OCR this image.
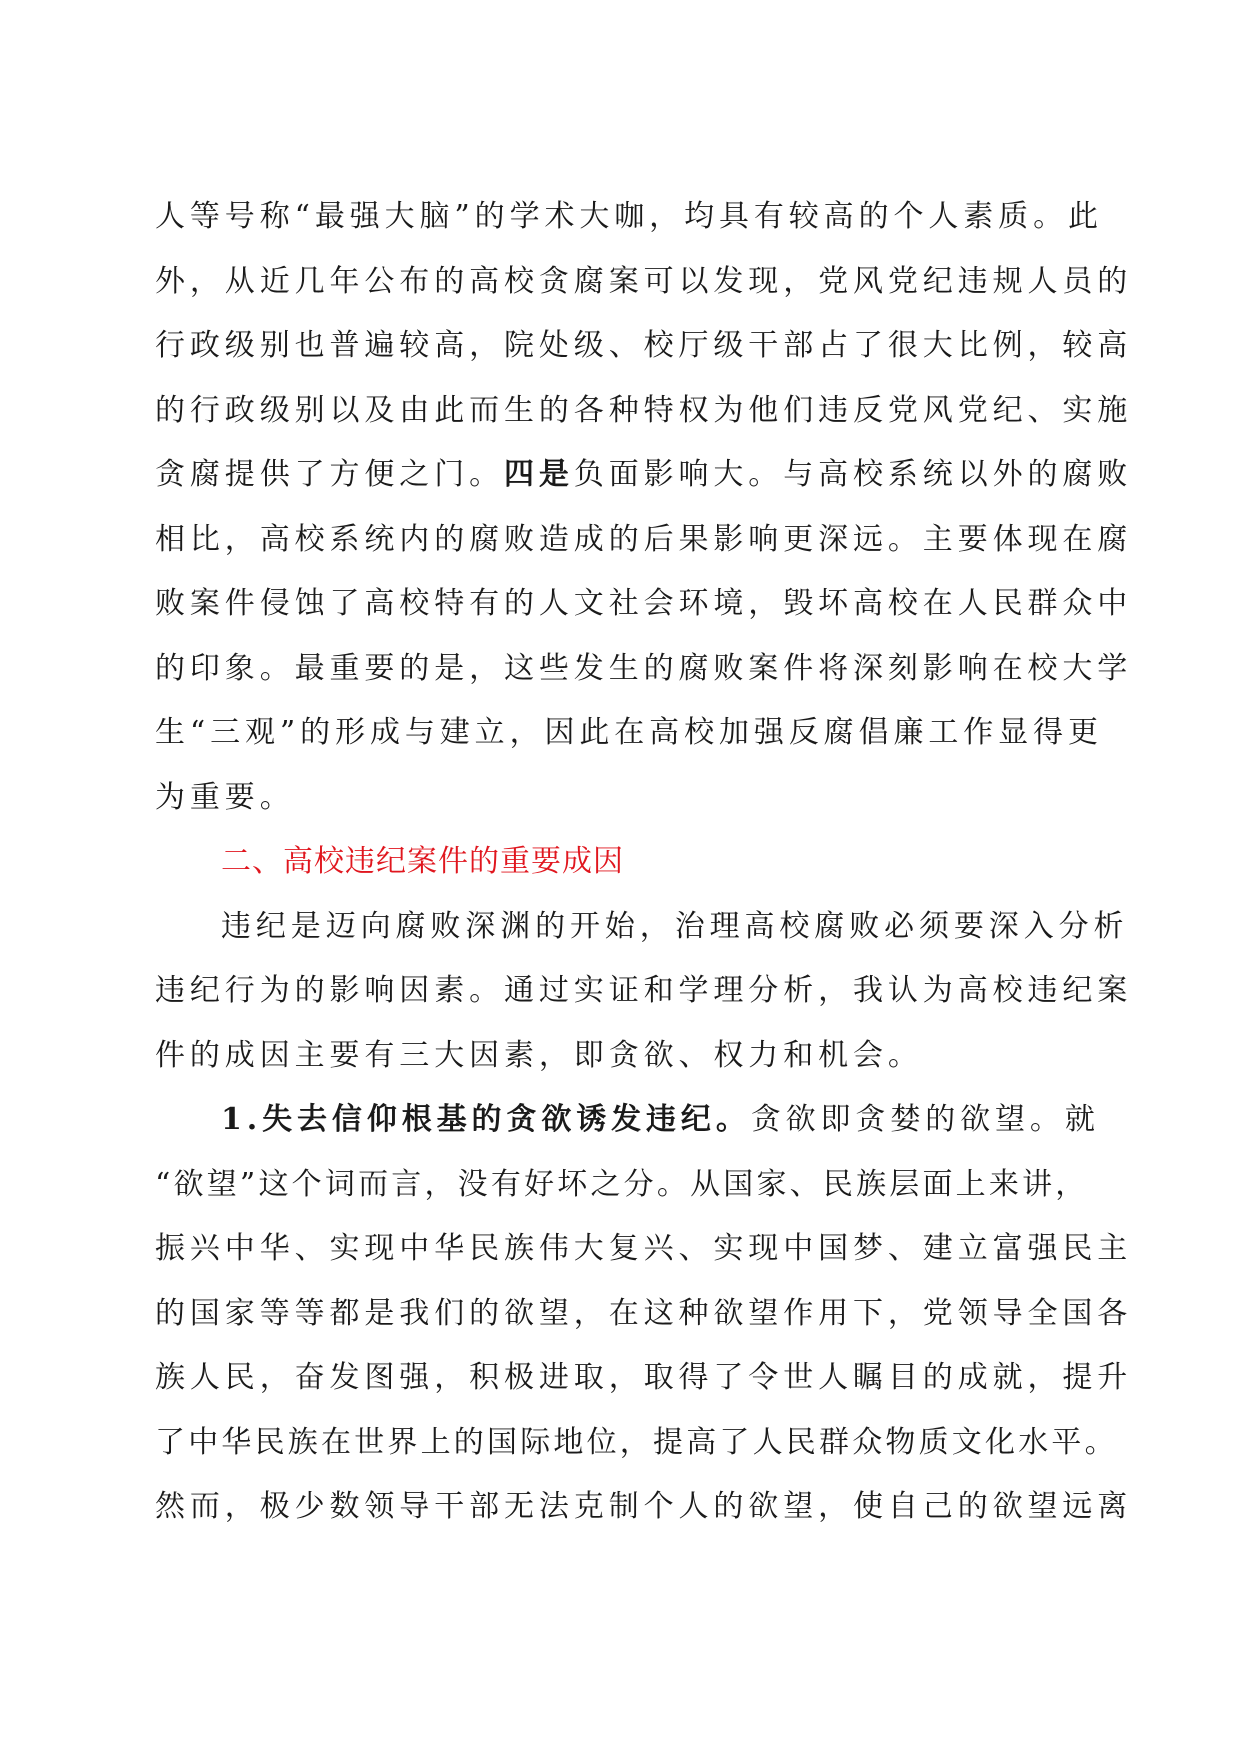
人等号称“最强大脑”的学术大咖，均具有较高的个人素质。此
外，从近几年公布的高校贪腐案可以发现，党风党纪违规人员的
行政级别也普遍较高，院处级、校厅级干部占了很大比例，较高
的行政级别以及由此而生的各种特权为他们违反党风党纪、实施
贪腐提供了方便之门。四是负面影响大。与高校系统以外的腐败
相比，高校系统内的腐败造成的后果影响更深远。主要体现在腐
败案件侵蚀了高校特有的人文社会环境，毁坏高校在人民群众中
的印象。最重要的是，这些发生的腐败案件将深刻影响在校大学
生“三观”的形成与建立，因此在高校加强反腐倡廉工作显得更
为重要。
二、高校违纪案件的重要成因
违纪是迈向腐败深渊的开始，治理高校腐败必须要深入分析
违纪行为的影响因素。通过实证和学理分析，我认为高校违纪案
件的成因主要有三大因素，即贪欲、权力和机会。
1.失去信仰根基的贪欲诱发违纪。贪欲即贪婪的欲望。就
“欲望”这个词而言，没有好坏之分。从国家、民族层面上来讲，
振兴中华、实现中华民族伟大复兴、实现中国梦、建立富强民主
的国家等等都是我们的欲望，在这种欲望作用下，党领导全国各
族人民，奋发图强，积极进取，取得了令世人瞩目的成就，提升
了中华民族在世界上的国际地位，提高了人民群众物质文化水平。
然而，极少数领导干部无法克制个人的欲望，使自己的欲望远离
